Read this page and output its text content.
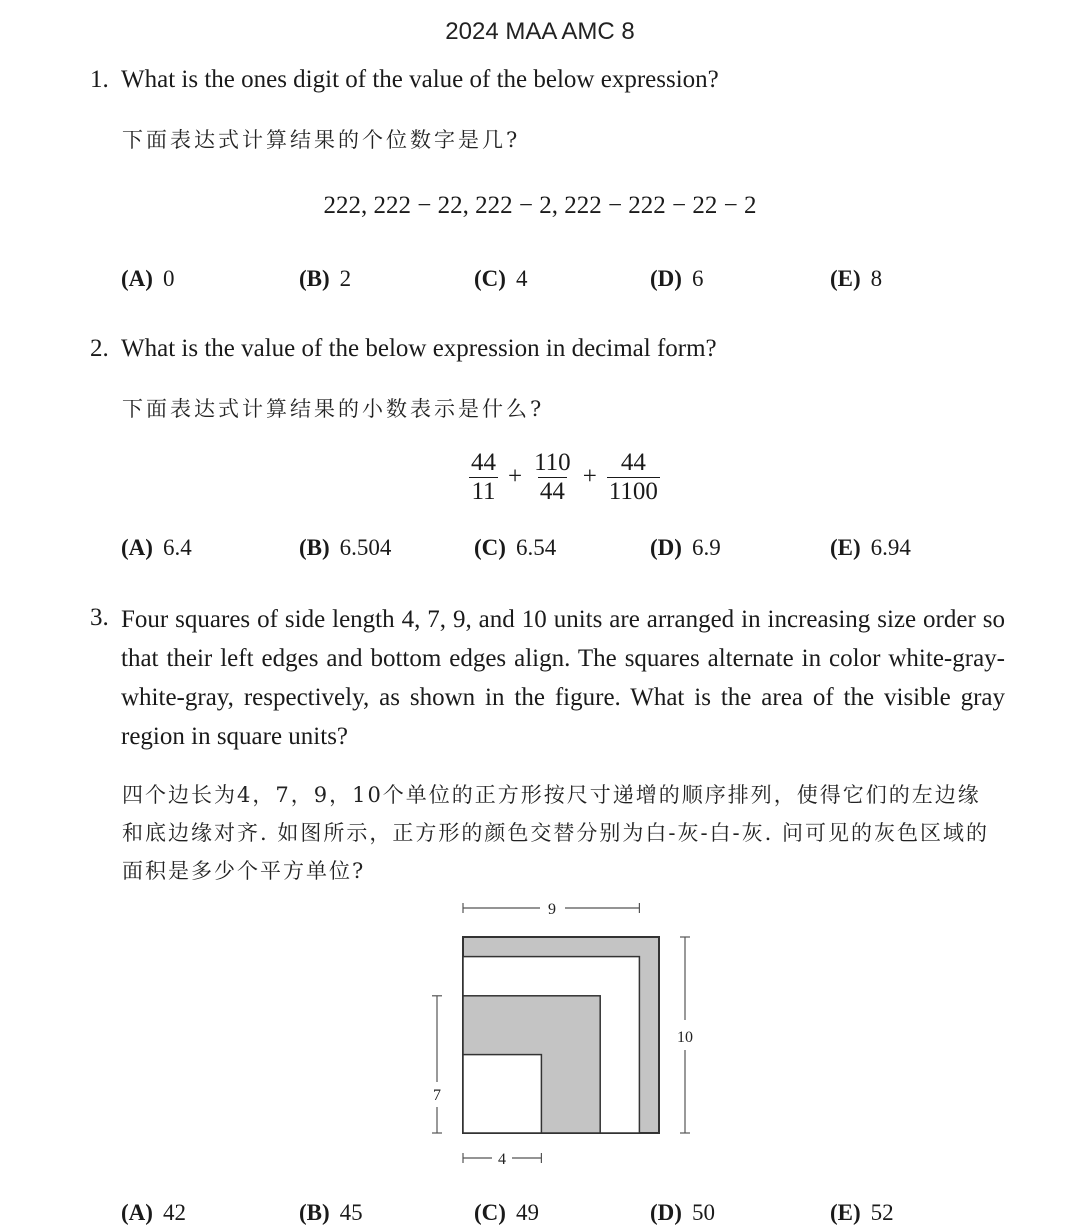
2024 MAA AMC 8
1. What is the ones digit of the value of the below expression?
下面表达式计算结果的个位数字是几?
222, 222 − 22, 222 − 2, 222 − 222 − 22 − 2
(A) 0	(B) 2	(C) 4	(D) 6	(E) 8
2. What is the value of the below expression in decimal form?
下面表达式计算结果的小数表示是什么?
$\frac{44}{11} + \frac{110}{44} + \frac{44}{1100}$
(A) 6.4	(B) 6.504	(C) 6.54	(D) 6.9	(E) 6.94
3. Four squares of side length 4, 7, 9, and 10 units are arranged in increasing size order so that their left edges and bottom edges align. The squares alternate in color white-gray-white-gray, respectively, as shown in the figure. What is the area of the visible gray region in square units?
四个边长为4，7，9，10个单位的正方形按尺寸递增的顺序排列，使得它们的左边缘和底边缘对齐. 如图所示，正方形的颜色交替分别为白-灰-白-灰. 问可见的灰色区域的面积是多少个平方单位?
9
10
7
4
(A) 42	(B) 45	(C) 49	(D) 50	(E) 52
